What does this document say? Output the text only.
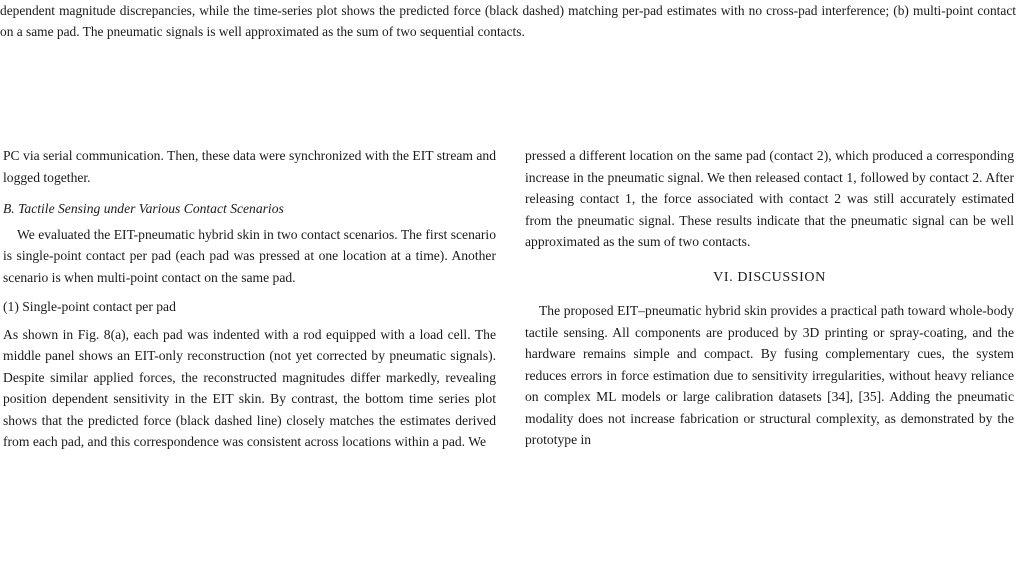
dependent magnitude discrepancies, while the time-series plot shows the predicted force (black dashed) matching per-pad estimates with no cross-pad interference; (b) multi-point contact on a same pad. The pneumatic signals is well approximated as the sum of two sequential contacts.

PC via serial communication. Then, these data were synchronized with the EIT stream and logged together.

B. Tactile Sensing under Various Contact Scenarios

We evaluated the EIT-pneumatic hybrid skin in two contact scenarios. The first scenario is single-point contact per pad (each pad was pressed at one location at a time). Another scenario is when multi-point contact on the same pad.

(1) Single-point contact per pad

As shown in Fig. 8(a), each pad was indented with a rod equipped with a load cell. The middle panel shows an EIT-only reconstruction (not yet corrected by pneumatic signals). Despite similar applied forces, the reconstructed magnitudes differ markedly, revealing position dependent sensitivity in the EIT skin. By contrast, the bottom time series plot shows that the predicted force (black dashed line) closely matches the estimates derived from each pad, and this correspondence was consistent across locations within a pad. We

pressed a different location on the same pad (contact 2), which produced a corresponding increase in the pneumatic signal. We then released contact 1, followed by contact 2. After releasing contact 1, the force associated with contact 2 was still accurately estimated from the pneumatic signal. These results indicate that the pneumatic signal can be well approximated as the sum of two contacts.

VI. DISCUSSION

The proposed EIT–pneumatic hybrid skin provides a practical path toward whole-body tactile sensing. All components are produced by 3D printing or spray-coating, and the hardware remains simple and compact. By fusing complementary cues, the system reduces errors in force estimation due to sensitivity irregularities, without heavy reliance on complex ML models or large calibration datasets [34], [35]. Adding the pneumatic modality does not increase fabrication or structural complexity, as demonstrated by the prototype in
